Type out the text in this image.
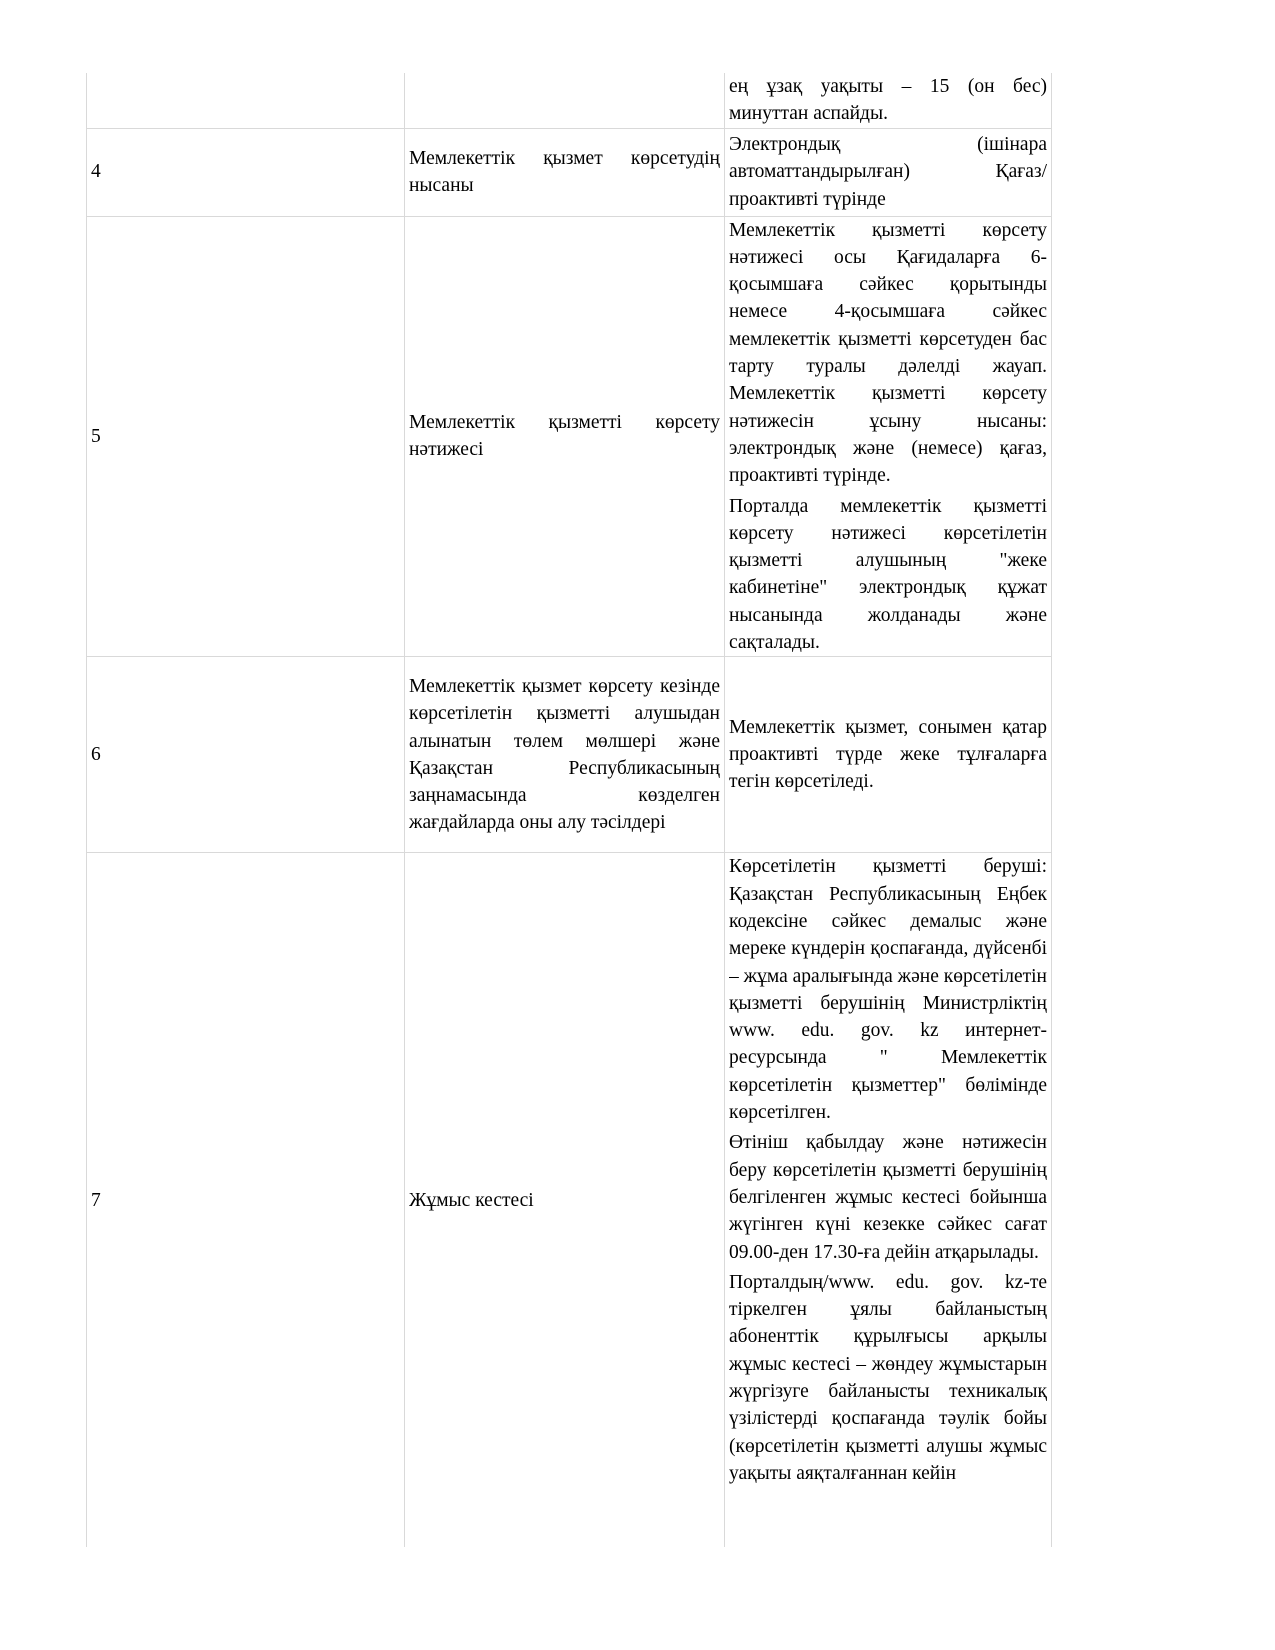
		ең ұзақ уақыты – 15 (он бес) минуттан аспайды.

4	Мемлекеттік қызмет көрсетудің нысаны	Электрондық (ішінара автоматтандырылған) Қағаз/ проактивті түрінде

5	Мемлекеттік қызметті көрсету нәтижесі	Мемлекеттік қызметті көрсету нәтижесі осы Қағидаларға 6-қосымшаға сәйкес қорытынды немесе 4-қосымшаға сәйкес мемлекеттік қызметті көрсетуден бас тарту туралы дәлелді жауап. Мемлекеттік қызметті көрсету нәтижесін ұсыну нысаны: электрондық және (немесе) қағаз, проактивті түрінде.
Порталда мемлекеттік қызметті көрсету нәтижесі көрсетілетін қызметті алушының "жеке кабинетіне" электрондық құжат нысанында жолданады және сақталады.

6	Мемлекеттік қызмет көрсету кезінде көрсетілетін қызметті алушыдан алынатын төлем мөлшері және Қазақстан Республикасының заңнамасында көзделген жағдайларда оны алу тәсілдері	Мемлекеттік қызмет, сонымен қатар проактивті түрде жеке тұлғаларға тегін көрсетіледі.

7	Жұмыс кестесі	Көрсетілетін қызметті беруші: Қазақстан Республикасының Еңбек кодексіне сәйкес демалыс және мереке күндерін қоспағанда, дүйсенбі – жұма аралығында және көрсетілетін қызметті берушінің Министрліктің www. edu. gov. kz интернет-ресурсында " Мемлекеттік көрсетілетін қызметтер" бөлімінде көрсетілген.
Өтініш қабылдау және нәтижесін беру көрсетілетін қызметті берушінің белгіленген жұмыс кестесі бойынша жүгінген күні кезекке сәйкес сағат 09.00-ден 17.30-ға дейін атқарылады.
Порталдың/www. edu. gov. kz-те тіркелген ұялы байланыстың абоненттік құрылғысы арқылы жұмыс кестесі – жөндеу жұмыстарын жүргізуге байланысты техникалық үзілістерді қоспағанда тәулік бойы (көрсетілетін қызметті алушы жұмыс уақыты аяқталғаннан кейін
